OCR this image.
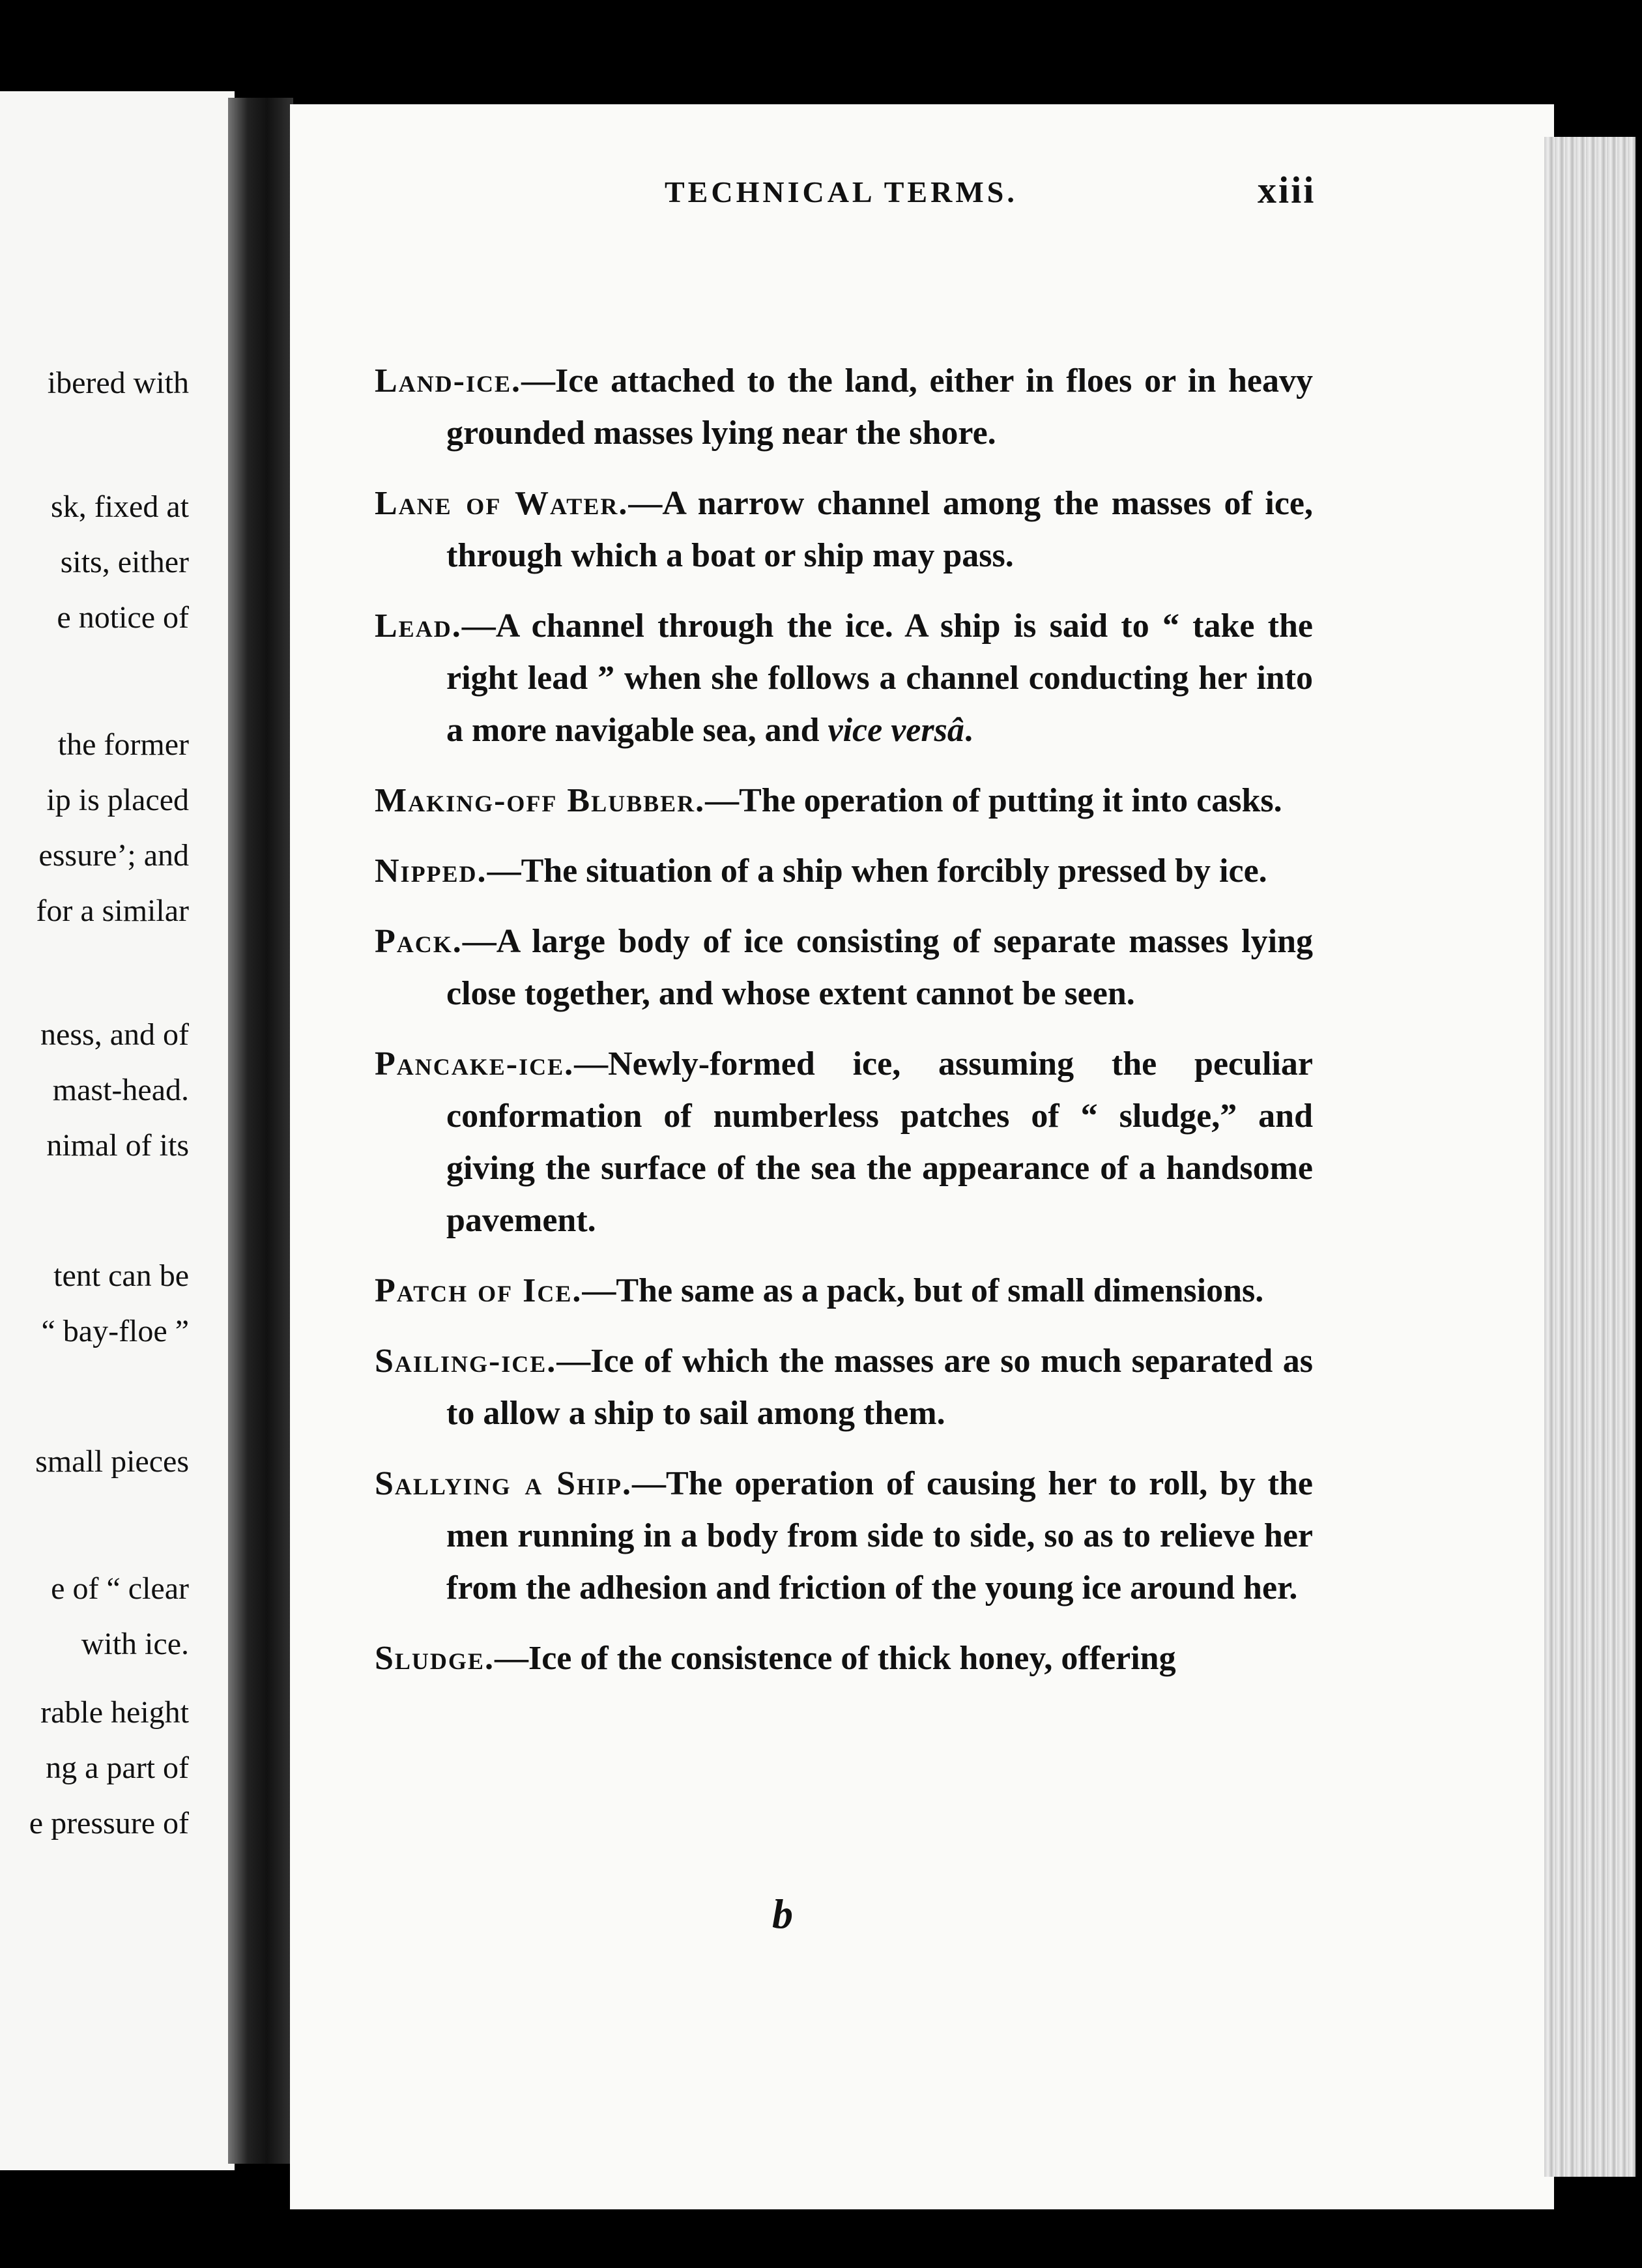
ibered with
sk, fixed at
sits, either
e notice of
the former
ip is placed
essure’; and
for a similar
ness, and of
mast-head.
nimal of its
tent can be
“ bay-floe ”
small pieces
e of “ clear
with ice.
rable height
ng a part of
e pressure of
TECHNICAL TERMS.	xiii

Land-ice.—Ice attached to the land, either in floes or in heavy grounded masses lying near the shore.

Lane of Water.—A narrow channel among the masses of ice, through which a boat or ship may pass.

Lead.—A channel through the ice. A ship is said to “ take the right lead ” when she follows a channel conducting her into a more navigable sea, and vice versâ.

Making-off Blubber.—The operation of putting it into casks.

Nipped.—The situation of a ship when forcibly pressed by ice.

Pack.—A large body of ice consisting of separate masses lying close together, and whose extent cannot be seen.

Pancake-ice.—Newly-formed ice, assuming the peculiar conformation of numberless patches of “ sludge,” and giving the surface of the sea the appearance of a handsome pavement.

Patch of Ice.—The same as a pack, but of small dimensions.

Sailing-ice.—Ice of which the masses are so much separated as to allow a ship to sail among them.

Sallying a Ship.—The operation of causing her to roll, by the men running in a body from side to side, so as to relieve her from the adhesion and friction of the young ice around her.

Sludge.—Ice of the consistence of thick honey, offering

b
